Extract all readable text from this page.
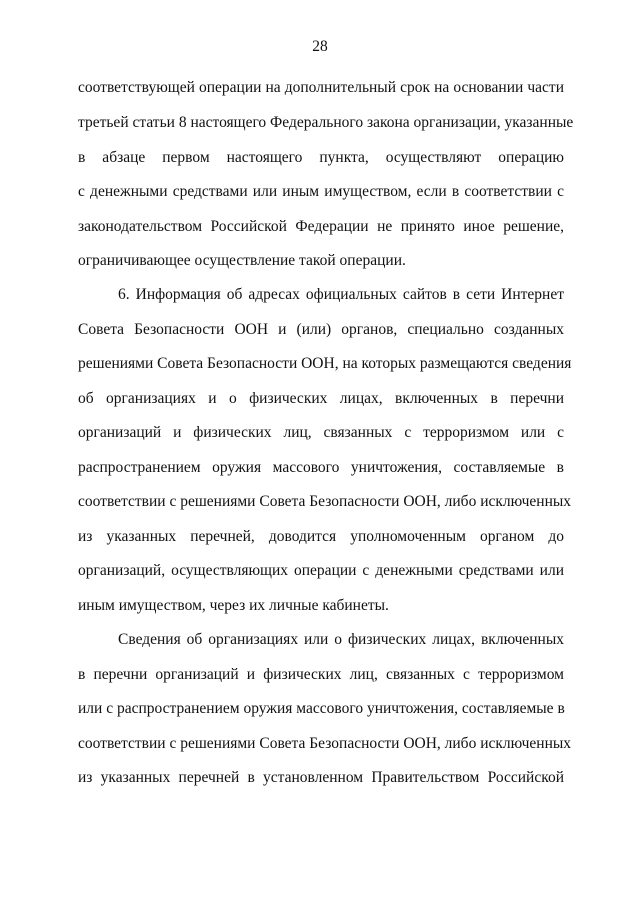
28
соответствующей операции на дополнительный срок на основании части
третьей статьи 8 настоящего Федерального закона организации, указанные
в абзаце первом настоящего пункта, осуществляют операцию
с денежными средствами или иным имуществом, если в соответствии с
законодательством Российской Федерации не принято иное решение,
ограничивающее осуществление такой операции.
6. Информация об адресах официальных сайтов в сети Интернет
Совета Безопасности ООН и (или) органов, специально созданных
решениями Совета Безопасности ООН, на которых размещаются сведения
об организациях и о физических лицах, включенных в перечни
организаций и физических лиц, связанных с терроризмом или с
распространением оружия массового уничтожения, составляемые в
соответствии с решениями Совета Безопасности ООН, либо исключенных
из указанных перечней, доводится уполномоченным органом до
организаций, осуществляющих операции с денежными средствами или
иным имуществом, через их личные кабинеты.
Сведения об организациях или о физических лицах, включенных
в перечни организаций и физических лиц, связанных с терроризмом
или с распространением оружия массового уничтожения, составляемые в
соответствии с решениями Совета Безопасности ООН, либо исключенных
из указанных перечней в установленном Правительством Российской
